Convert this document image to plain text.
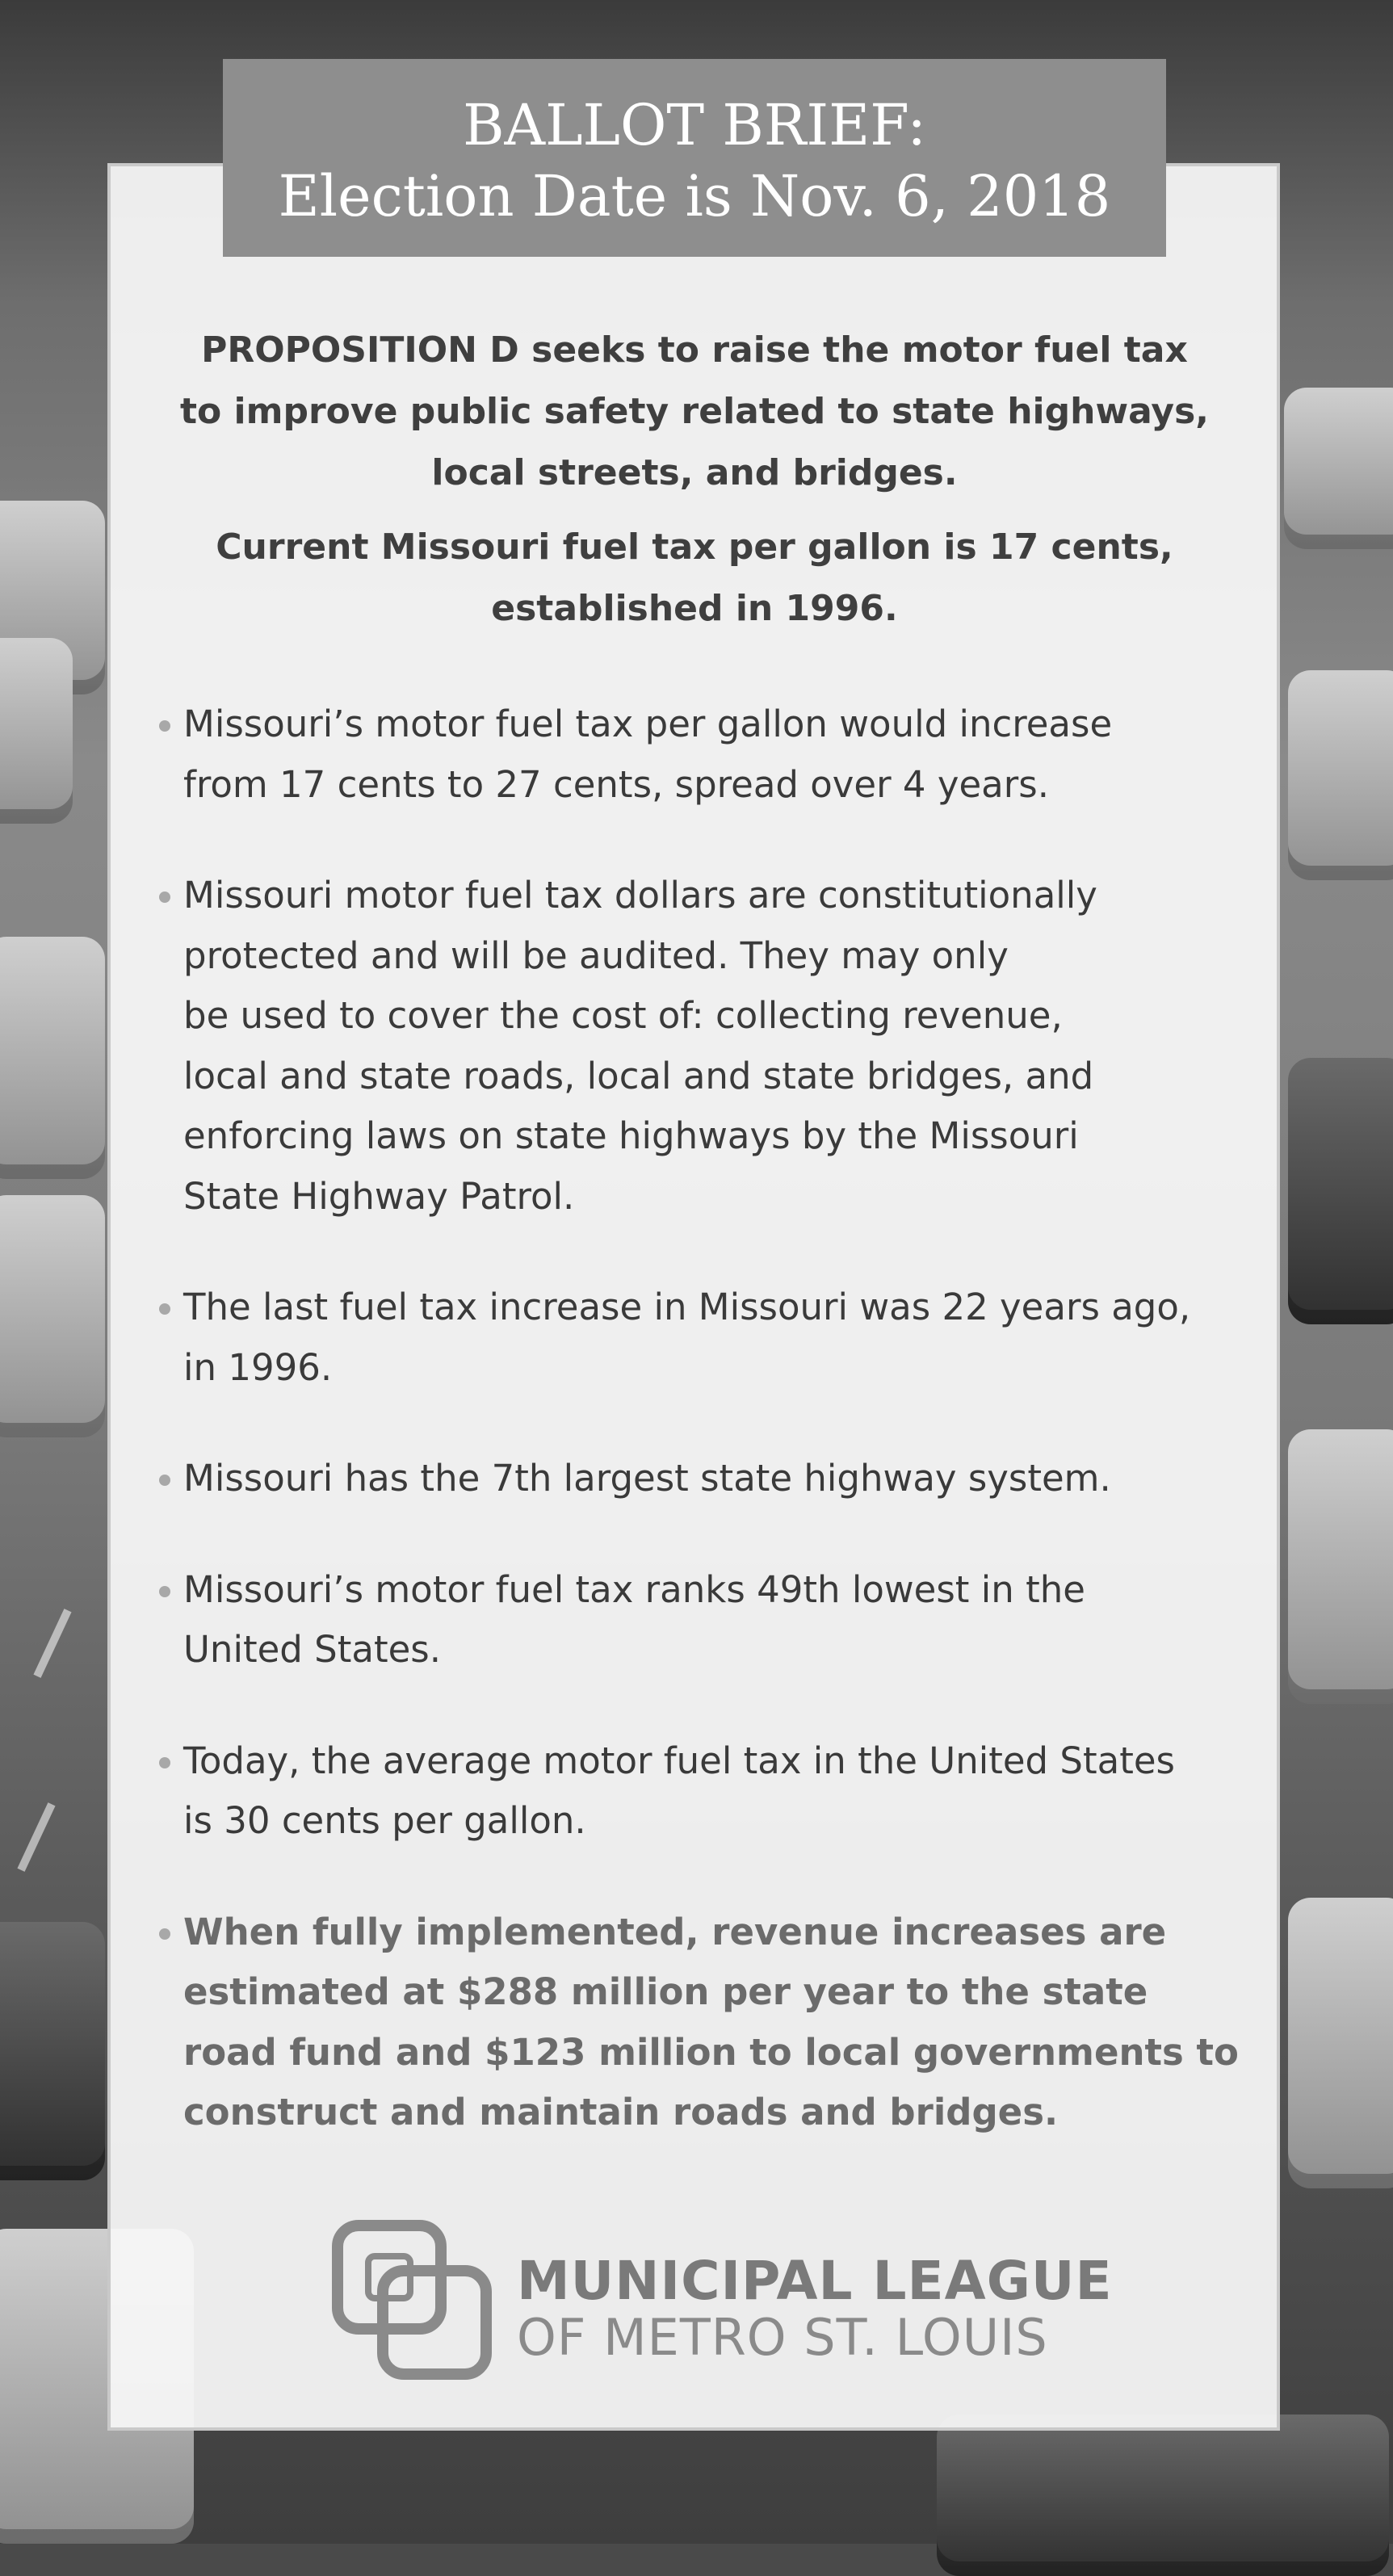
BALLOT BRIEF:
Election Date is Nov. 6, 2018
PROPOSITION D seeks to raise the motor fuel tax
to improve public safety related to state highways,
local streets, and bridges.
Current Missouri fuel tax per gallon is 17 cents,
established in 1996.
Missouri’s motor fuel tax per gallon would increase
from 17 cents to 27 cents, spread over 4 years.
Missouri motor fuel tax dollars are constitutionally
protected and will be audited. They may only
be used to cover the cost of: collecting revenue,
local and state roads, local and state bridges, and
enforcing laws on state highways by the Missouri
State Highway Patrol.
The last fuel tax increase in Missouri was 22 years ago,
in 1996.
Missouri has the 7th largest state highway system.
Missouri’s motor fuel tax ranks 49th lowest in the
United States.
Today, the average motor fuel tax in the United States
is 30 cents per gallon.
When fully implemented, revenue increases are
estimated at $288 million per year to the state
road fund and $123 million to local governments to
construct and maintain roads and bridges.
MUNICIPAL LEAGUE
OF METRO ST. LOUIS
